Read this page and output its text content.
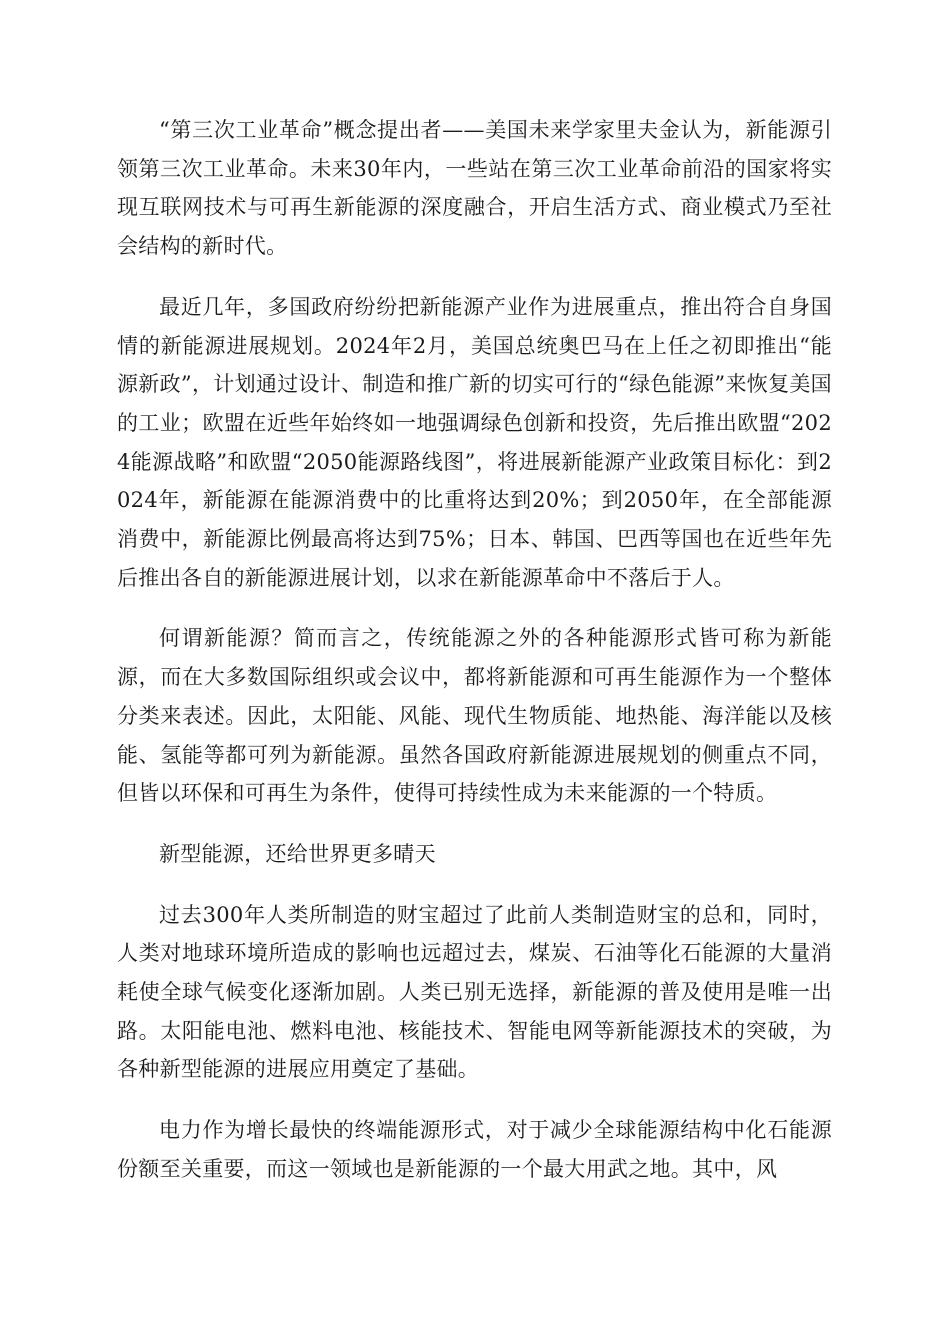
“第三次工业革命”概念提出者——美国未来学家里夫金认为，新能源引领第三次工业革命。未来30年内，一些站在第三次工业革命前沿的国家将实现互联网技术与可再生新能源的深度融合，开启生活方式、商业模式乃至社会结构的新时代。

最近几年，多国政府纷纷把新能源产业作为进展重点，推出符合自身国情的新能源进展规划。2024年2月，美国总统奥巴马在上任之初即推出“能源新政”，计划通过设计、制造和推广新的切实可行的“绿色能源”来恢复美国的工业；欧盟在近些年始终如一地强调绿色创新和投资，先后推出欧盟“2024能源战略”和欧盟“2050能源路线图”，将进展新能源产业政策目标化：到2024年，新能源在能源消费中的比重将达到20%；到2050年，在全部能源消费中，新能源比例最高将达到75%；日本、韩国、巴西等国也在近些年先后推出各自的新能源进展计划，以求在新能源革命中不落后于人。

何谓新能源？简而言之，传统能源之外的各种能源形式皆可称为新能源，而在大多数国际组织或会议中，都将新能源和可再生能源作为一个整体分类来表述。因此，太阳能、风能、现代生物质能、地热能、海洋能以及核能、氢能等都可列为新能源。虽然各国政府新能源进展规划的侧重点不同，但皆以环保和可再生为条件，使得可持续性成为未来能源的一个特质。

新型能源，还给世界更多晴天

过去300年人类所制造的财宝超过了此前人类制造财宝的总和，同时，人类对地球环境所造成的影响也远超过去，煤炭、石油等化石能源的大量消耗使全球气候变化逐渐加剧。人类已别无选择，新能源的普及使用是唯一出路。太阳能电池、燃料电池、核能技术、智能电网等新能源技术的突破，为各种新型能源的进展应用奠定了基础。

电力作为增长最快的终端能源形式，对于减少全球能源结构中化石能源份额至关重要，而这一领域也是新能源的一个最大用武之地。其中，风
